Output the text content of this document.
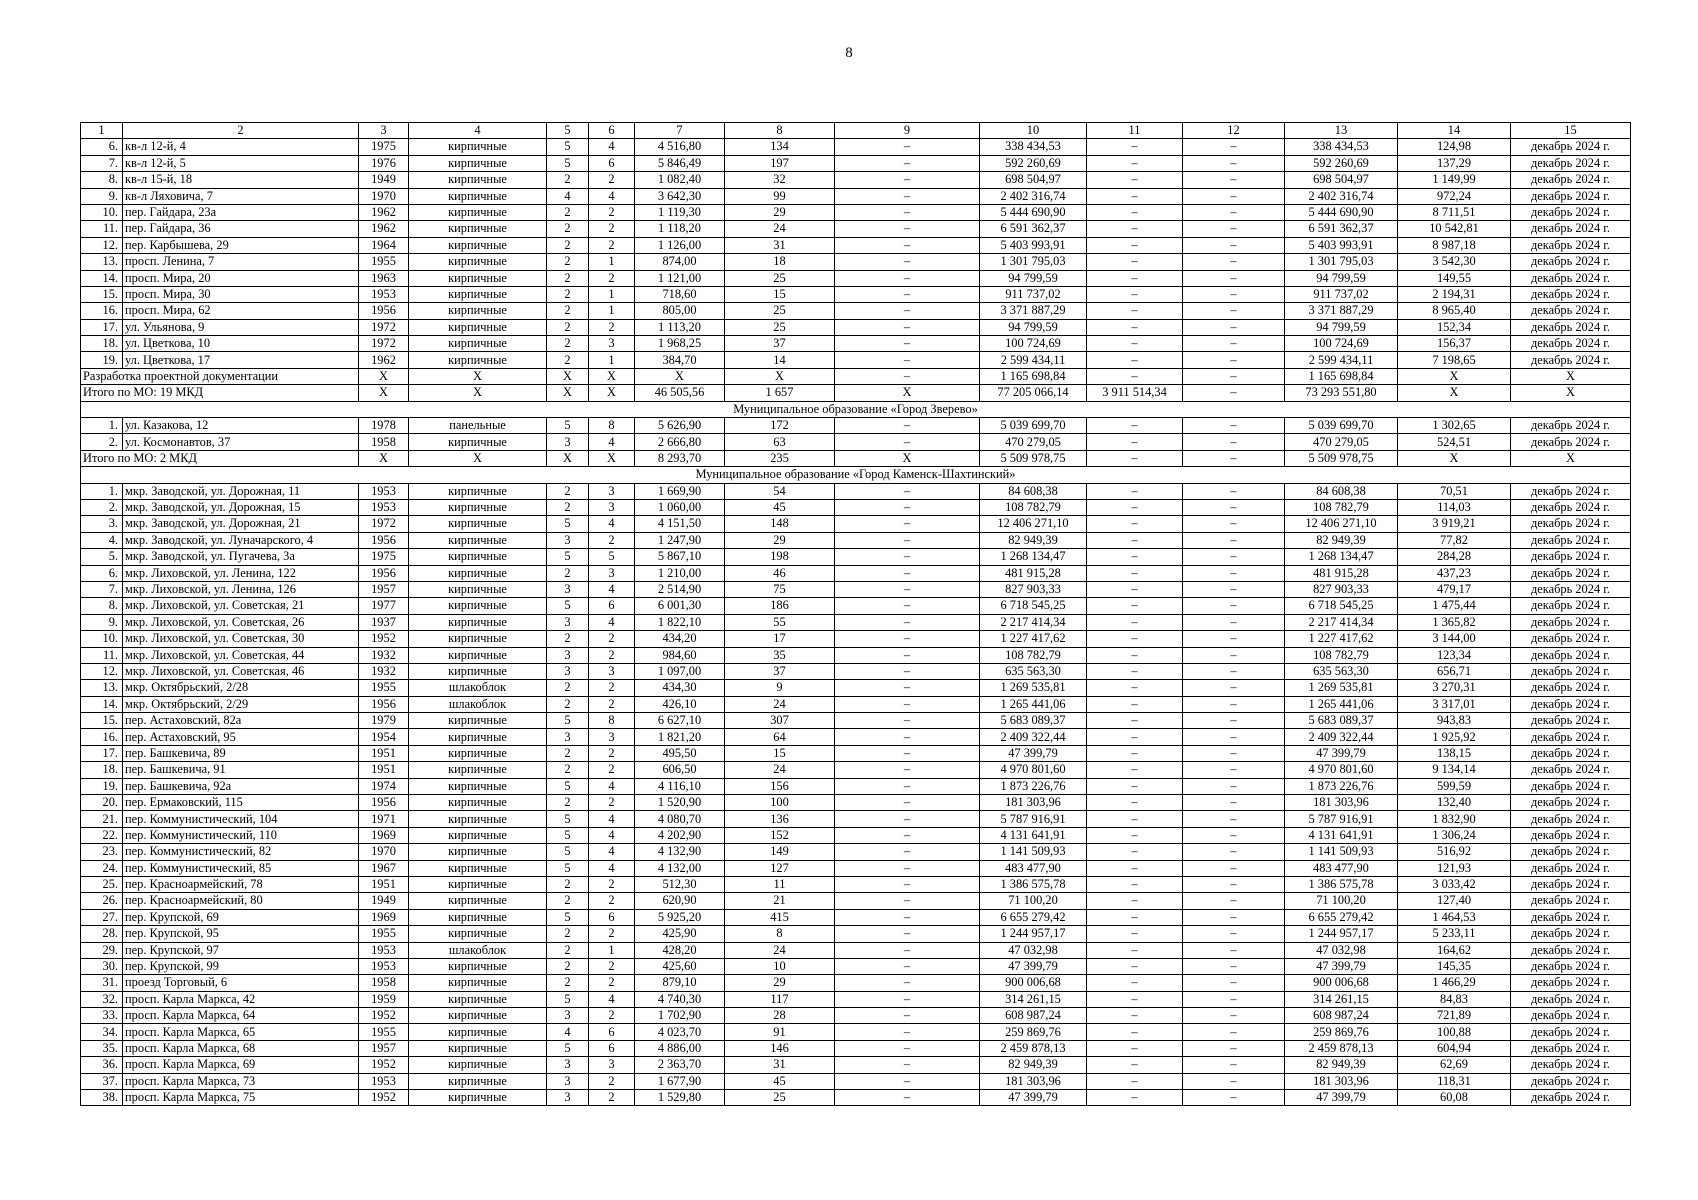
8
1	2	3	4	5	6	7	8	9	10	11	12	13	14	15
6.	кв-л 12-й, 4	1975	кирпичные	5	4	4 516,80	134	–	338 434,53	–	–	338 434,53	124,98	декабрь 2024 г.
7.	кв-л 12-й, 5	1976	кирпичные	5	6	5 846,49	197	–	592 260,69	–	–	592 260,69	137,29	декабрь 2024 г.
8.	кв-л 15-й, 18	1949	кирпичные	2	2	1 082,40	32	–	698 504,97	–	–	698 504,97	1 149,99	декабрь 2024 г.
9.	кв-л Ляховича, 7	1970	кирпичные	4	4	3 642,30	99	–	2 402 316,74	–	–	2 402 316,74	972,24	декабрь 2024 г.
10.	пер. Гайдара, 23а	1962	кирпичные	2	2	1 119,30	29	–	5 444 690,90	–	–	5 444 690,90	8 711,51	декабрь 2024 г.
11.	пер. Гайдара, 36	1962	кирпичные	2	2	1 118,20	24	–	6 591 362,37	–	–	6 591 362,37	10 542,81	декабрь 2024 г.
12.	пер. Карбышева, 29	1964	кирпичные	2	2	1 126,00	31	–	5 403 993,91	–	–	5 403 993,91	8 987,18	декабрь 2024 г.
13.	просп. Ленина, 7	1955	кирпичные	2	1	874,00	18	–	1 301 795,03	–	–	1 301 795,03	3 542,30	декабрь 2024 г.
14.	просп. Мира, 20	1963	кирпичные	2	2	1 121,00	25	–	94 799,59	–	–	94 799,59	149,55	декабрь 2024 г.
15.	просп. Мира, 30	1953	кирпичные	2	1	718,60	15	–	911 737,02	–	–	911 737,02	2 194,31	декабрь 2024 г.
16.	просп. Мира, 62	1956	кирпичные	2	1	805,00	25	–	3 371 887,29	–	–	3 371 887,29	8 965,40	декабрь 2024 г.
17.	ул. Ульянова, 9	1972	кирпичные	2	2	1 113,20	25	–	94 799,59	–	–	94 799,59	152,34	декабрь 2024 г.
18.	ул. Цветкова, 10	1972	кирпичные	2	3	1 968,25	37	–	100 724,69	–	–	100 724,69	156,37	декабрь 2024 г.
19.	ул. Цветкова, 17	1962	кирпичные	2	1	384,70	14	–	2 599 434,11	–	–	2 599 434,11	7 198,65	декабрь 2024 г.
Разработка проектной документации		X	X	X	X	X	X	–	1 165 698,84	–	–	1 165 698,84	X	X
Итого по МО: 19 МКД		X	X	X	X	46 505,56	1 657	X	77 205 066,14	3 911 514,34	–	73 293 551,80	X	X
Муниципальное образование «Город Зверево»														
1.	ул. Казакова, 12	1978	панельные	5	8	5 626,90	172	–	5 039 699,70	–	–	5 039 699,70	1 302,65	декабрь 2024 г.
2.	ул. Космонавтов, 37	1958	кирпичные	3	4	2 666,80	63	–	470 279,05	–	–	470 279,05	524,51	декабрь 2024 г.
Итого по МО: 2 МКД		X	X	X	X	8 293,70	235	X	5 509 978,75	–	–	5 509 978,75	X	X
Муниципальное образование «Город Каменск-Шахтинский»														
1.	мкр. Заводской, ул. Дорожная, 11	1953	кирпичные	2	3	1 669,90	54	–	84 608,38	–	–	84 608,38	70,51	декабрь 2024 г.
2.	мкр. Заводской, ул. Дорожная, 15	1953	кирпичные	2	3	1 060,00	45	–	108 782,79	–	–	108 782,79	114,03	декабрь 2024 г.
3.	мкр. Заводской, ул. Дорожная, 21	1972	кирпичные	5	4	4 151,50	148	–	12 406 271,10	–	–	12 406 271,10	3 919,21	декабрь 2024 г.
4.	мкр. Заводской, ул. Луначарского, 4	1956	кирпичные	3	2	1 247,90	29	–	82 949,39	–	–	82 949,39	77,82	декабрь 2024 г.
5.	мкр. Заводской, ул. Пугачева, 3а	1975	кирпичные	5	5	5 867,10	198	–	1 268 134,47	–	–	1 268 134,47	284,28	декабрь 2024 г.
6.	мкр. Лиховской, ул. Ленина, 122	1956	кирпичные	2	3	1 210,00	46	–	481 915,28	–	–	481 915,28	437,23	декабрь 2024 г.
7.	мкр. Лиховской, ул. Ленина, 126	1957	кирпичные	3	4	2 514,90	75	–	827 903,33	–	–	827 903,33	479,17	декабрь 2024 г.
8.	мкр. Лиховской, ул. Советская, 21	1977	кирпичные	5	6	6 001,30	186	–	6 718 545,25	–	–	6 718 545,25	1 475,44	декабрь 2024 г.
9.	мкр. Лиховской, ул. Советская, 26	1937	кирпичные	3	4	1 822,10	55	–	2 217 414,34	–	–	2 217 414,34	1 365,82	декабрь 2024 г.
10.	мкр. Лиховской, ул. Советская, 30	1952	кирпичные	2	2	434,20	17	–	1 227 417,62	–	–	1 227 417,62	3 144,00	декабрь 2024 г.
11.	мкр. Лиховской, ул. Советская, 44	1932	кирпичные	3	2	984,60	35	–	108 782,79	–	–	108 782,79	123,34	декабрь 2024 г.
12.	мкр. Лиховской, ул. Советская, 46	1932	кирпичные	3	3	1 097,00	37	–	635 563,30	–	–	635 563,30	656,71	декабрь 2024 г.
13.	мкр. Октябрьский, 2/28	1955	шлакоблок	2	2	434,30	9	–	1 269 535,81	–	–	1 269 535,81	3 270,31	декабрь 2024 г.
14.	мкр. Октябрьский, 2/29	1956	шлакоблок	2	2	426,10	24	–	1 265 441,06	–	–	1 265 441,06	3 317,01	декабрь 2024 г.
15.	пер. Астаховский, 82а	1979	кирпичные	5	8	6 627,10	307	–	5 683 089,37	–	–	5 683 089,37	943,83	декабрь 2024 г.
16.	пер. Астаховский, 95	1954	кирпичные	3	3	1 821,20	64	–	2 409 322,44	–	–	2 409 322,44	1 925,92	декабрь 2024 г.
17.	пер. Башкевича, 89	1951	кирпичные	2	2	495,50	15	–	47 399,79	–	–	47 399,79	138,15	декабрь 2024 г.
18.	пер. Башкевича, 91	1951	кирпичные	2	2	606,50	24	–	4 970 801,60	–	–	4 970 801,60	9 134,14	декабрь 2024 г.
19.	пер. Башкевича, 92а	1974	кирпичные	5	4	4 116,10	156	–	1 873 226,76	–	–	1 873 226,76	599,59	декабрь 2024 г.
20.	пер. Ермаковский, 115	1956	кирпичные	2	2	1 520,90	100	–	181 303,96	–	–	181 303,96	132,40	декабрь 2024 г.
21.	пер. Коммунистический, 104	1971	кирпичные	5	4	4 080,70	136	–	5 787 916,91	–	–	5 787 916,91	1 832,90	декабрь 2024 г.
22.	пер. Коммунистический, 110	1969	кирпичные	5	4	4 202,90	152	–	4 131 641,91	–	–	4 131 641,91	1 306,24	декабрь 2024 г.
23.	пер. Коммунистический, 82	1970	кирпичные	5	4	4 132,90	149	–	1 141 509,93	–	–	1 141 509,93	516,92	декабрь 2024 г.
24.	пер. Коммунистический, 85	1967	кирпичные	5	4	4 132,00	127	–	483 477,90	–	–	483 477,90	121,93	декабрь 2024 г.
25.	пер. Красноармейский, 78	1951	кирпичные	2	2	512,30	11	–	1 386 575,78	–	–	1 386 575,78	3 033,42	декабрь 2024 г.
26.	пер. Красноармейский, 80	1949	кирпичные	2	2	620,90	21	–	71 100,20	–	–	71 100,20	127,40	декабрь 2024 г.
27.	пер. Крупской, 69	1969	кирпичные	5	6	5 925,20	415	–	6 655 279,42	–	–	6 655 279,42	1 464,53	декабрь 2024 г.
28.	пер. Крупской, 95	1955	кирпичные	2	2	425,90	8	–	1 244 957,17	–	–	1 244 957,17	5 233,11	декабрь 2024 г.
29.	пер. Крупской, 97	1953	шлакоблок	2	1	428,20	24	–	47 032,98	–	–	47 032,98	164,62	декабрь 2024 г.
30.	пер. Крупской, 99	1953	кирпичные	2	2	425,60	10	–	47 399,79	–	–	47 399,79	145,35	декабрь 2024 г.
31.	проезд Торговый, 6	1958	кирпичные	2	2	879,10	29	–	900 006,68	–	–	900 006,68	1 466,29	декабрь 2024 г.
32.	просп. Карла Маркса, 42	1959	кирпичные	5	4	4 740,30	117	–	314 261,15	–	–	314 261,15	84,83	декабрь 2024 г.
33.	просп. Карла Маркса, 64	1952	кирпичные	3	2	1 702,90	28	–	608 987,24	–	–	608 987,24	721,89	декабрь 2024 г.
34.	просп. Карла Маркса, 65	1955	кирпичные	4	6	4 023,70	91	–	259 869,76	–	–	259 869,76	100,88	декабрь 2024 г.
35.	просп. Карла Маркса, 68	1957	кирпичные	5	6	4 886,00	146	–	2 459 878,13	–	–	2 459 878,13	604,94	декабрь 2024 г.
36.	просп. Карла Маркса, 69	1952	кирпичные	3	3	2 363,70	31	–	82 949,39	–	–	82 949,39	62,69	декабрь 2024 г.
37.	просп. Карла Маркса, 73	1953	кирпичные	3	2	1 677,90	45	–	181 303,96	–	–	181 303,96	118,31	декабрь 2024 г.
38.	просп. Карла Маркса, 75	1952	кирпичные	3	2	1 529,80	25	–	47 399,79	–	–	47 399,79	60,08	декабрь 2024 г.
